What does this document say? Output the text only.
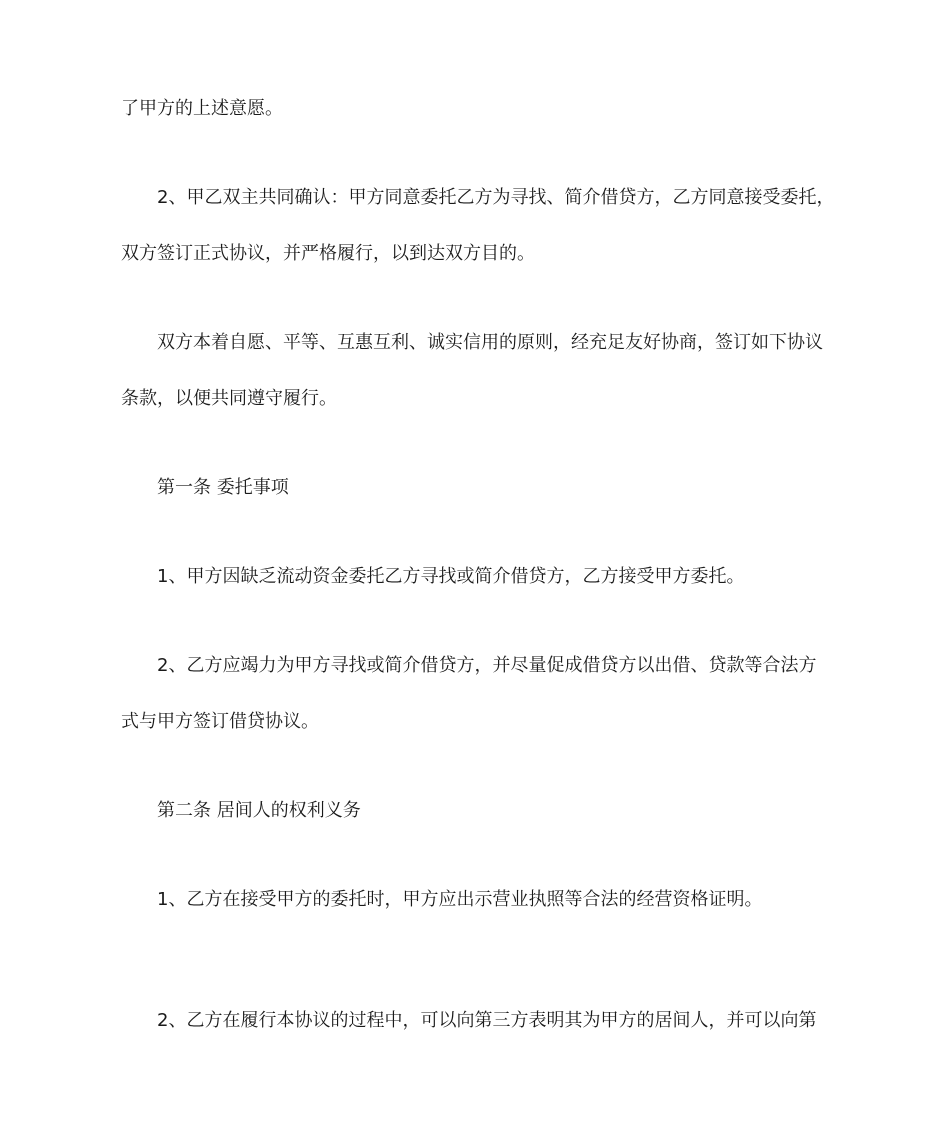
了甲方的上述意愿。
2、甲乙双主共同确认：甲方同意委托乙方为寻找、简介借贷方，乙方同意接受委托，
双方签订正式协议，并严格履行，以到达双方目的。
双方本着自愿、平等、互惠互利、诚实信用的原则，经充足友好协商，签订如下协议
条款，以便共同遵守履行。
第一条 委托事项
1、甲方因缺乏流动资金委托乙方寻找或简介借贷方，乙方接受甲方委托。
2、乙方应竭力为甲方寻找或简介借贷方，并尽量促成借贷方以出借、贷款等合法方
式与甲方签订借贷协议。
第二条 居间人的权利义务
1、乙方在接受甲方的委托时，甲方应出示营业执照等合法的经营资格证明。
2、乙方在履行本协议的过程中，可以向第三方表明其为甲方的居间人，并可以向第
